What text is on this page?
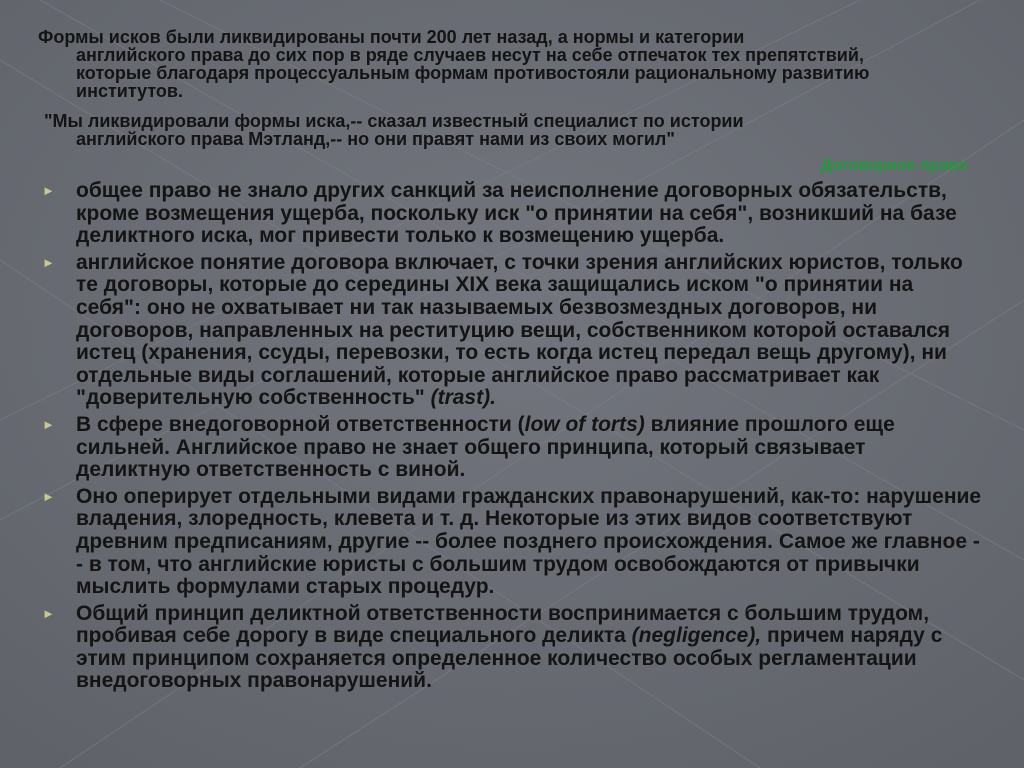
Формы исков были ликвидированы почти 200 лет назад, а нормы и категории
английского права до сих пор в ряде случаев несут на себе отпечаток тех препятствий, которые благодаря процессуальным формам противостояли рациональному развитию институтов.

"Мы ликвидировали формы иска,-- сказал известный специалист по истории
английского права Мэтланд,-- но они правят нами из своих могил"

Договорное право

► общее право не знало других санкций за неисполнение договорных обязательств, кроме возмещения ущерба, поскольку иск "о принятии на себя", возникший на базе деликтного иска, мог привести только к возмещению ущерба.

► английское понятие договора включает, с точки зрения английских юристов, только те договоры, которые до середины XIX века защищались иском "о принятии на себя": оно не охватывает ни так называемых безвозмездных договоров, ни договоров, направленных на реституцию вещи, собственником которой оставался истец (хранения, ссуды, перевозки, то есть когда истец передал вещь другому), ни отдельные виды соглашений, которые английское право рассматривает как "доверительную собственность" (trast).

► В сфере внедоговорной ответственности (low of torts) влияние прошлого еще сильней. Английское право не знает общего принципа, который связывает деликтную ответственность с виной.

► Оно оперирует отдельными видами гражданских правонарушений, как-то: нарушение владения, злоредность, клевета и т. д. Некоторые из этих видов соответствуют древним предписаниям, другие -- более позднего происхождения. Самое же главное -- в том, что английские юристы с большим трудом освобождаются от привычки мыслить формулами старых процедур.

► Общий принцип деликтной ответственности воспринимается с большим трудом, пробивая себе дорогу в виде специального деликта (negligence), причем наряду с этим принципом сохраняется определенное количество особых регламентации внедоговорных правонарушений.
